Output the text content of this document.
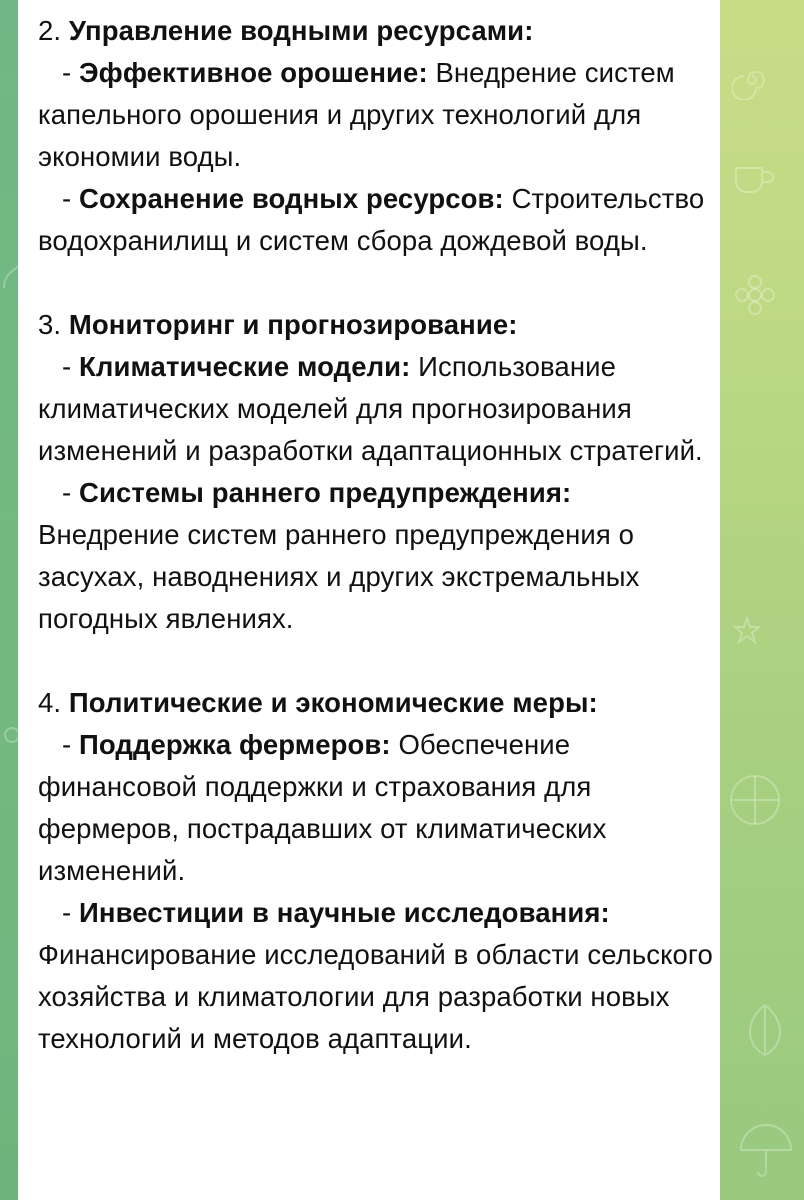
2. Управление водными ресурсами:

- Эффективное орошение: Внедрение систем капельного орошения и других технологий для экономии воды.

- Сохранение водных ресурсов: Строительство водохранилищ и систем сбора дождевой воды.

3. Мониторинг и прогнозирование:

- Климатические модели: Использование климатических моделей для прогнозирования изменений и разработки адаптационных стратегий.

- Системы раннего предупреждения: Внедрение систем раннего предупреждения о засухах, наводнениях и других экстремальных погодных явлениях.

4. Политические и экономические меры:

- Поддержка фермеров: Обеспечение финансовой поддержки и страхования для фермеров, пострадавших от климатических изменений.

- Инвестиции в научные исследования: Финансирование исследований в области сельского хозяйства и климатологии для разработки новых технологий и методов адаптации.
